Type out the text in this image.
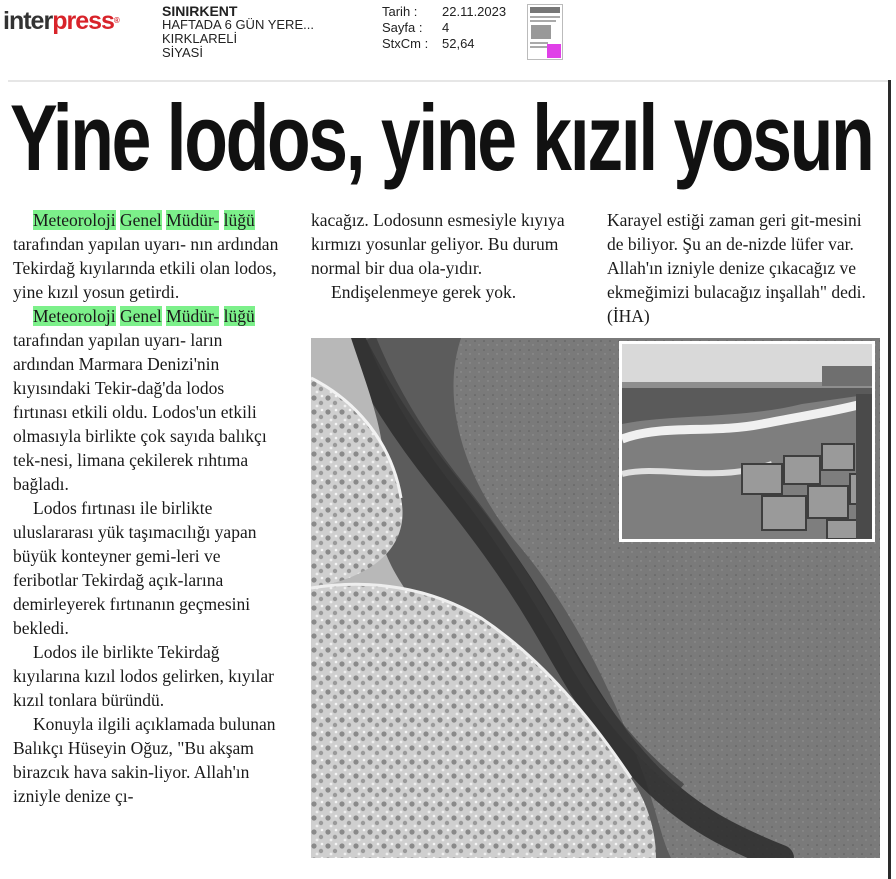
interpress®
SINIRKENT
HAFTADA 6 GÜN YERE...
KIRKLARELİ
SİYASİ
Tarih :	22.11.2023
Sayfa :	4
StxCm :	52,64
Yine lodos, yine kızıl yosun

Meteoroloji Genel Müdür- lüğü tarafından yapılan uyarı- nın ardından Tekirdağ kıyılarında etkili olan lodos, yine kızıl yosun getirdi.

Meteoroloji Genel Müdür- lüğü tarafından yapılan uyarı- ların ardından Marmara Denizi'nin kıyısındaki Tekir-dağ'da lodos fırtınası etkili oldu. Lodos'un etkili olmasıyla birlikte çok sayıda balıkçı tek-nesi, limana çekilerek rıhtıma bağladı.

Lodos fırtınası ile birlikte uluslararası yük taşımacılığı yapan büyük konteyner gemi-leri ve feribotlar Tekirdağ açık-larına demirleyerek fırtınanın geçmesini bekledi.

Lodos ile birlikte Tekirdağ kıyılarına kızıl lodos gelirken, kıyılar kızıl tonlara büründü.

Konuyla ilgili açıklamada bulunan Balıkçı Hüseyin Oğuz, "Bu akşam birazcık hava sakin-liyor. Allah'ın izniyle denize çı-

kacağız. Lodosunn esmesiyle kıyıya kırmızı yosunlar geliyor. Bu durum normal bir dua ola-yıdır.

Endişelenmeye gerek yok.

Karayel estiği zaman geri git-mesini de biliyor. Şu an de-nizde lüfer var. Allah'ın izniyle denize çıkacağız ve ekmeğimizi bulacağız inşallah" dedi. (İHA)
